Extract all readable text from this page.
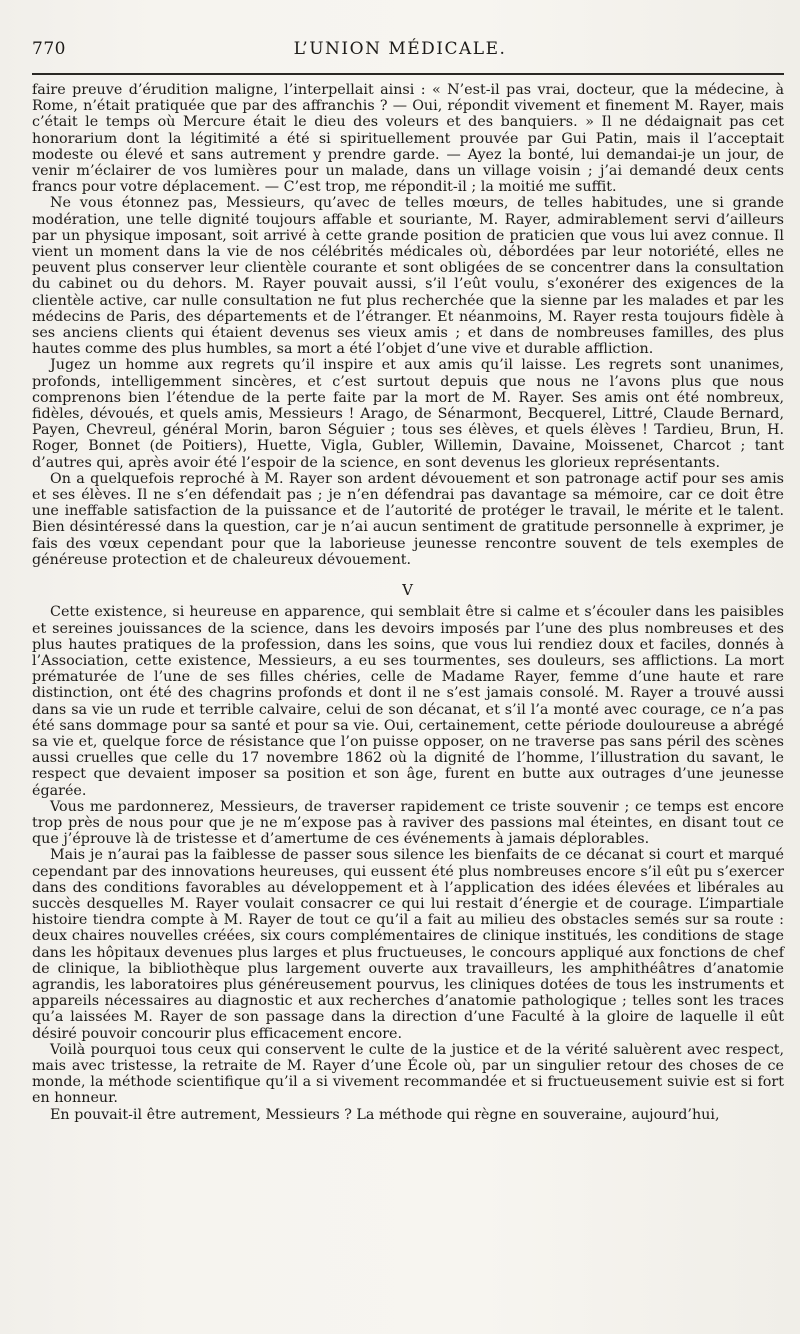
770	L’UNION MÉDICALE.

faire preuve d’érudition maligne, l’interpellait ainsi : « N’est-il pas vrai, docteur, que la médecine, à Rome, n’était pratiquée que par des affranchis ? — Oui, répondit vivement et finement M. Rayer, mais c’était le temps où Mercure était le dieu des voleurs et des banquiers. » Il ne dédaignait pas cet honorarium dont la légitimité a été si spirituellement prouvée par Gui Patin, mais il l’acceptait modeste ou élevé et sans autrement y prendre garde. — Ayez la bonté, lui demandai-je un jour, de venir m’éclairer de vos lumières pour un malade, dans un village voisin ; j’ai demandé deux cents francs pour votre déplacement. — C’est trop, me répondit-il ; la moitié me suffit.

Ne vous étonnez pas, Messieurs, qu’avec de telles mœurs, de telles habitudes, une si grande modération, une telle dignité toujours affable et souriante, M. Rayer, admirablement servi d’ailleurs par un physique imposant, soit arrivé à cette grande position de praticien que vous lui avez connue. Il vient un moment dans la vie de nos célébrités médicales où, débordées par leur notoriété, elles ne peuvent plus conserver leur clientèle courante et sont obligées de se concentrer dans la consultation du cabinet ou du dehors. M. Rayer pouvait aussi, s’il l’eût voulu, s’exonérer des exigences de la clientèle active, car nulle consultation ne fut plus recherchée que la sienne par les malades et par les médecins de Paris, des départements et de l’étranger. Et néanmoins, M. Rayer resta toujours fidèle à ses anciens clients qui étaient devenus ses vieux amis ; et dans de nombreuses familles, des plus hautes comme des plus humbles, sa mort a été l’objet d’une vive et durable affliction.

Jugez un homme aux regrets qu’il inspire et aux amis qu’il laisse. Les regrets sont unanimes, profonds, intelligemment sincères, et c’est surtout depuis que nous ne l’avons plus que nous comprenons bien l’étendue de la perte faite par la mort de M. Rayer. Ses amis ont été nombreux, fidèles, dévoués, et quels amis, Messieurs ! Arago, de Sénarmont, Becquerel, Littré, Claude Bernard, Payen, Chevreul, général Morin, baron Séguier ; tous ses élèves, et quels élèves ! Tardieu, Brun, H. Roger, Bonnet (de Poitiers), Huette, Vigla, Gubler, Willemin, Davaine, Moissenet, Charcot ; tant d’autres qui, après avoir été l’espoir de la science, en sont devenus les glorieux représentants.

On a quelquefois reproché à M. Rayer son ardent dévouement et son patronage actif pour ses amis et ses élèves. Il ne s’en défendait pas ; je n’en défendrai pas davantage sa mémoire, car ce doit être une ineffable satisfaction de la puissance et de l’autorité de protéger le travail, le mérite et le talent. Bien désintéressé dans la question, car je n’ai aucun sentiment de gratitude personnelle à exprimer, je fais des vœux cependant pour que la laborieuse jeunesse rencontre souvent de tels exemples de généreuse protection et de chaleureux dévouement.

V

Cette existence, si heureuse en apparence, qui semblait être si calme et s’écouler dans les paisibles et sereines jouissances de la science, dans les devoirs imposés par l’une des plus nombreuses et des plus hautes pratiques de la profession, dans les soins, que vous lui rendiez doux et faciles, donnés à l’Association, cette existence, Messieurs, a eu ses tourmentes, ses douleurs, ses afflictions. La mort prématurée de l’une de ses filles chéries, celle de Madame Rayer, femme d’une haute et rare distinction, ont été des chagrins profonds et dont il ne s’est jamais consolé. M. Rayer a trouvé aussi dans sa vie un rude et terrible calvaire, celui de son décanat, et s’il l’a monté avec courage, ce n’a pas été sans dommage pour sa santé et pour sa vie. Oui, certainement, cette période douloureuse a abrégé sa vie et, quelque force de résistance que l’on puisse opposer, on ne traverse pas sans péril des scènes aussi cruelles que celle du 17 novembre 1862 où la dignité de l’homme, l’illustration du savant, le respect que devaient imposer sa position et son âge, furent en butte aux outrages d’une jeunesse égarée.

Vous me pardonnerez, Messieurs, de traverser rapidement ce triste souvenir ; ce temps est encore trop près de nous pour que je ne m’expose pas à raviver des passions mal éteintes, en disant tout ce que j’éprouve là de tristesse et d’amertume de ces événements à jamais déplorables.

Mais je n’aurai pas la faiblesse de passer sous silence les bienfaits de ce décanat si court et marqué cependant par des innovations heureuses, qui eussent été plus nombreuses encore s’il eût pu s’exercer dans des conditions favorables au développement et à l’application des idées élevées et libérales au succès desquelles M. Rayer voulait consacrer ce qui lui restait d’énergie et de courage. L’impartiale histoire tiendra compte à M. Rayer de tout ce qu’il a fait au milieu des obstacles semés sur sa route : deux chaires nouvelles créées, six cours complémentaires de clinique institués, les conditions de stage dans les hôpitaux devenues plus larges et plus fructueuses, le concours appliqué aux fonctions de chef de clinique, la bibliothèque plus largement ouverte aux travailleurs, les amphithéâtres d’anatomie agrandis, les laboratoires plus généreusement pourvus, les cliniques dotées de tous les instruments et appareils nécessaires au diagnostic et aux recherches d’anatomie pathologique ; telles sont les traces qu’a laissées M. Rayer de son passage dans la direction d’une Faculté à la gloire de laquelle il eût désiré pouvoir concourir plus efficacement encore.

Voilà pourquoi tous ceux qui conservent le culte de la justice et de la vérité saluèrent avec respect, mais avec tristesse, la retraite de M. Rayer d’une École où, par un singulier retour des choses de ce monde, la méthode scientifique qu’il a si vivement recommandée et si fructueusement suivie est si fort en honneur.

En pouvait-il être autrement, Messieurs ? La méthode qui règne en souveraine, aujourd’hui,
